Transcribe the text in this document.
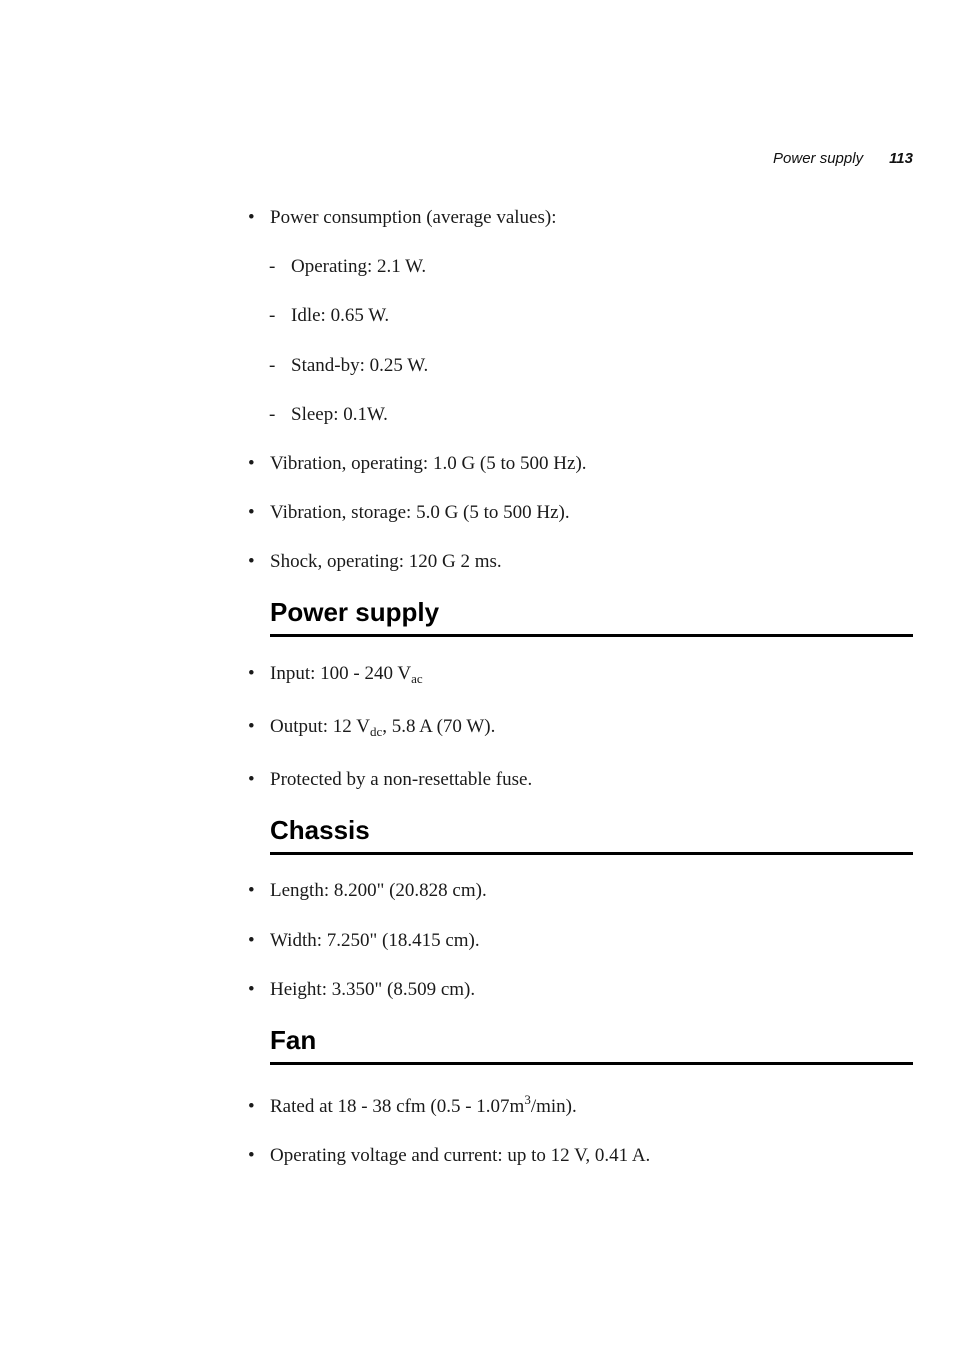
Power supply 113
• Power consumption (average values):
- Operating: 2.1 W.
- Idle: 0.65 W.
- Stand-by: 0.25 W.
- Sleep: 0.1W.
• Vibration, operating: 1.0 G (5 to 500 Hz).
• Vibration, storage: 5.0 G (5 to 500 Hz).
• Shock, operating: 120 G 2 ms.
Power supply
• Input: 100 - 240 $V_{ac}$
• Output: 12 $V_{dc}$, 5.8 A (70 W).
• Protected by a non-resettable fuse.
Chassis
• Length: 8.200" (20.828 cm).
• Width: 7.250" (18.415 cm).
• Height: 3.350" (8.509 cm).
Fan
• Rated at 18 - 38 cfm $(0.5 - 1.07m^3/\min)$.
• Operating voltage and current: up to 12 V, 0.41 A.
